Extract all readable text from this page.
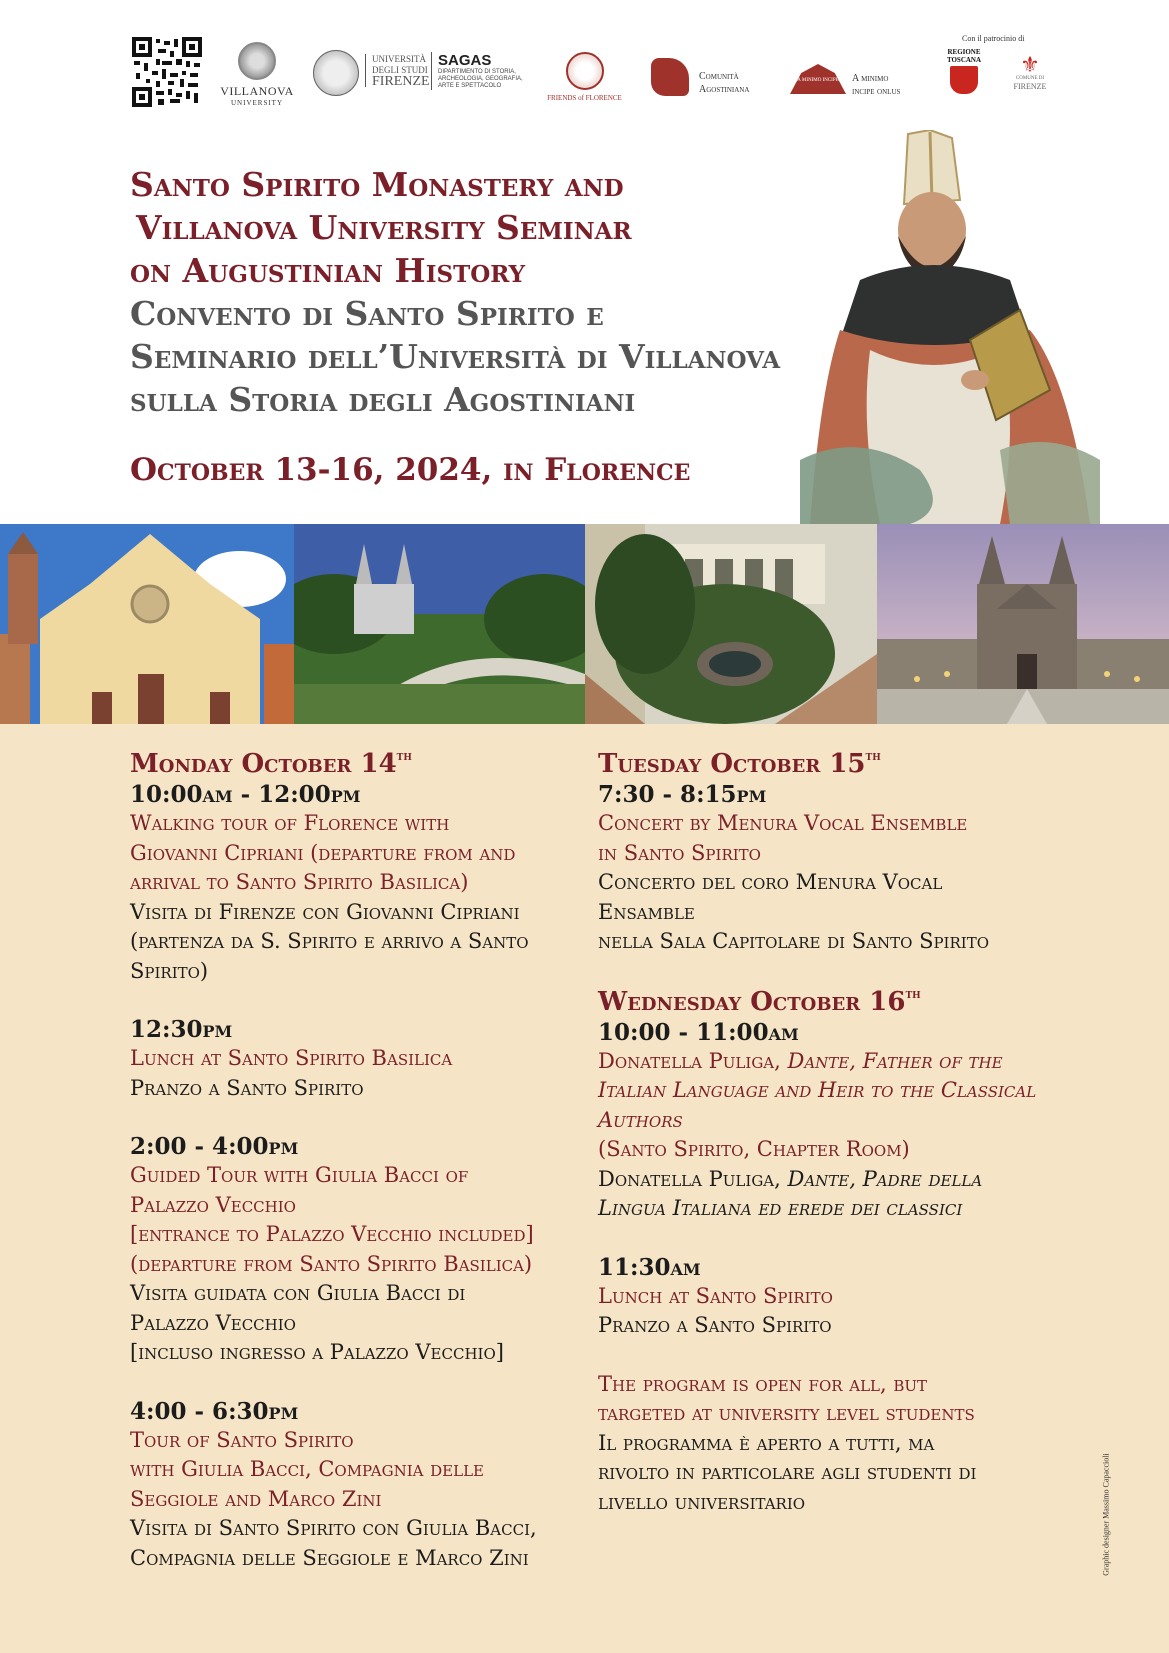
VILLANOVA
UNIVERSITY
UNIVERSITÀ
DEGLI STUDI
FIRENZE
SAGAS
DIPARTIMENTO DI STORIA, ARCHEOLOGIA, GEOGRAFIA, ARTE E SPETTACOLO
FRIENDS of FLORENCE
Comunità
Agostiniana
A MINIMO INCIPE	A minimo
incipe onlus
Con il patrocinio di
REGIONE
TOSCANA	⚜
COMUNE DI
FIRENZE

Santo Spirito Monastery and

Villanova University Seminar

on Augustinian History

Convento di Santo Spirito e

Seminario dell’Università di Villanova

sulla Storia degli Agostiniani

October 13-16, 2024, in Florence
Monday October 14th
10:00am - 12:00pm
Walking tour of Florence with
Giovanni Cipriani (departure from and
arrival to Santo Spirito Basilica)
Visita di Firenze con Giovanni Cipriani
(partenza da S. Spirito e arrivo a Santo
Spirito)
12:30pm
Lunch at Santo Spirito Basilica
Pranzo a Santo Spirito
2:00 - 4:00pm
Guided Tour with Giulia Bacci of
Palazzo Vecchio
[entrance to Palazzo Vecchio included]
(departure from Santo Spirito Basilica)
Visita guidata con Giulia Bacci di
Palazzo Vecchio
[incluso ingresso a Palazzo Vecchio]
4:00 - 6:30pm
Tour of Santo Spirito
with Giulia Bacci, Compagnia delle
Seggiole and Marco Zini
Visita di Santo Spirito con Giulia Bacci,
Compagnia delle Seggiole e Marco Zini
Tuesday October 15th
7:30 - 8:15pm
Concert by Menura Vocal Ensemble
in Santo Spirito
Concerto del coro Menura Vocal
Ensamble
nella Sala Capitolare di Santo Spirito
Wednesday October 16th
10:00 - 11:00am
Donatella Puliga, Dante, Father of the
Italian Language and Heir to the Classical
Authors
(Santo Spirito, Chapter Room)
Donatella Puliga, Dante, Padre della
Lingua Italiana ed erede dei classici
11:30am
Lunch at Santo Spirito
Pranzo a Santo Spirito
The program is open for all, but
targeted at university level students
Il programma è aperto a tutti, ma
rivolto in particolare agli studenti di
livello universitario	Graphic designer Massimo Capaccioli
